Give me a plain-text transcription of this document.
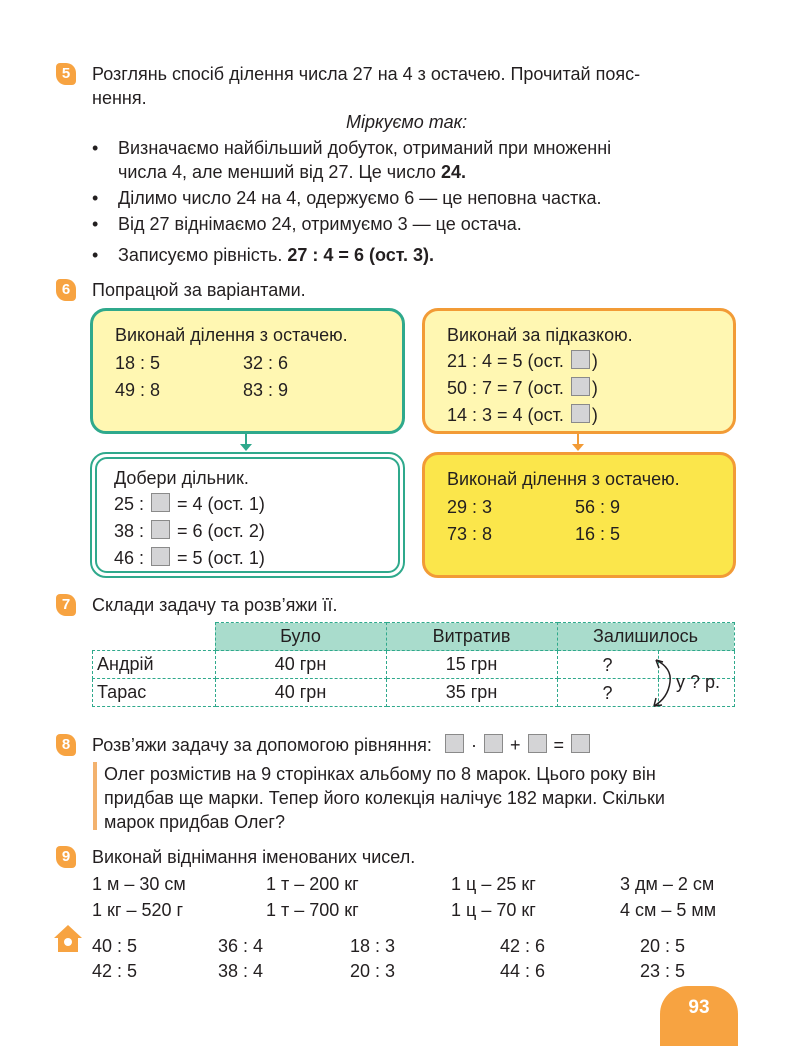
5	Розглянь спосіб ділення числа 27 на 4 з остачею. Прочитай пояс-
нення.
Міркуємо так:
• Визначаємо найбільший добуток, отриманий при множенні
числа 4, але менший від 27. Це число 24.
• Ділимо число 24 на 4, одержуємо 6 — це неповна частка.
• Від 27 віднімаємо 24, отримуємо 3 — це остача.
• Записуємо рівність. 27 : 4 = 6 (ост. 3).
6	Попрацюй за варіантами.
Виконай ділення з остачею.
18 : 5	32 : 6
49 : 8	83 : 9
Виконай за підказкою.
21 : 4 = 5 (ост. )
50 : 7 = 7 (ост. )
14 : 3 = 4 (ост. )
Добери дільник.
25 :  = 4 (ост. 1)
38 :  = 6 (ост. 2)
46 :  = 5 (ост. 1)
Виконай ділення з остачею.
29 : 3	56 : 9
73 : 8	16 : 5
7	Склади задачу та розв’яжи її.
	Було	Витратив	Залишилось
Андрій	40 грн	15 грн	?

Тарас	40 грн	35 грн	?
у ? р.
8	Розв’яжи задачу за допомогою рівняння: · + =
Олег розмістив на 9 сторінках альбому по 8 марок. Цього року він
придбав ще марки. Тепер його колекція налічує 182 марки. Скільки
марок придбав Олег?
9	Виконай віднімання іменованих чисел.
1 м – 30 см	1 т – 200 кг	1 ц – 25 кг	3 дм – 2 см
1 кг – 520 г	1 т – 700 кг	1 ц – 70 кг	4 см – 5 мм
40 : 5	36 : 4	18 : 3	42 : 6	20 : 5
42 : 5	38 : 4	20 : 3	44 : 6	23 : 5
93
